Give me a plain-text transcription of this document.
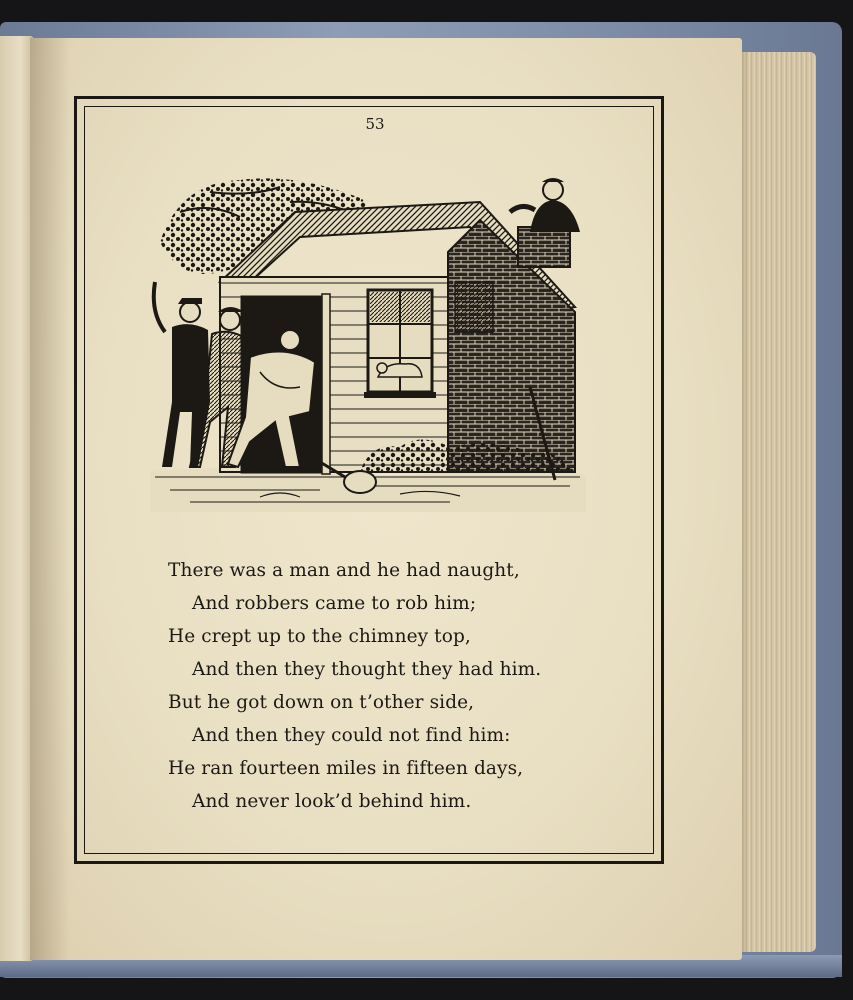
53
There was a man and he had naught,
And robbers came to rob him;
He crept up to the chimney top,
And then they thought they had him.
But he got down on t’other side,
And then they could not find him:
He ran fourteen miles in fifteen days,
And never look’d behind him.
